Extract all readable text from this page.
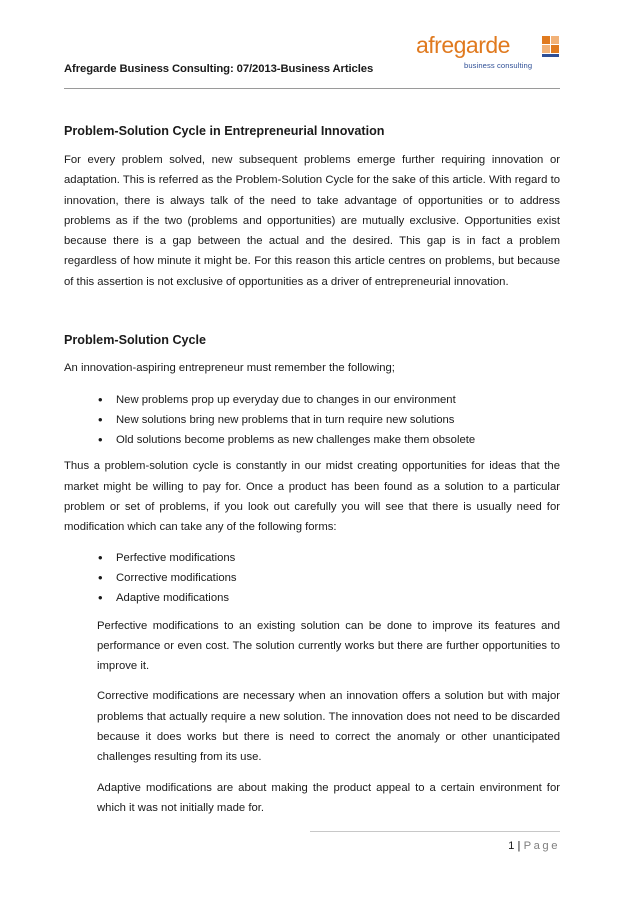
Afregarde Business Consulting: 07/2013-Business Articles
afregarde
business consulting
Problem-Solution Cycle in Entrepreneurial Innovation

For every problem solved, new subsequent problems emerge further requiring innovation or adaptation. This is referred as the Problem-Solution Cycle for the sake of this article. With regard to innovation, there is always talk of the need to take advantage of opportunities or to address problems as if the two (problems and opportunities) are mutually exclusive. Opportunities exist because there is a gap between the actual and the desired. This gap is in fact a problem regardless of how minute it might be. For this reason this article centres on problems, but because of this assertion is not exclusive of opportunities as a driver of entrepreneurial innovation.

Problem-Solution Cycle

An innovation-aspiring entrepreneur must remember the following;

• New problems prop up everyday due to changes in our environment
• New solutions bring new problems that in turn require new solutions
• Old solutions become problems as new challenges make them obsolete

Thus a problem-solution cycle is constantly in our midst creating opportunities for ideas that the market might be willing to pay for. Once a product has been found as a solution to a particular problem or set of problems, if you look out carefully you will see that there is usually need for modification which can take any of the following forms:

• Perfective modifications
• Corrective modifications
• Adaptive modifications

Perfective modifications to an existing solution can be done to improve its features and performance or even cost. The solution currently works but there are further opportunities to improve it.

Corrective modifications are necessary when an innovation offers a solution but with major problems that actually require a new solution. The innovation does not need to be discarded because it does works but there is need to correct the anomaly or other unanticipated challenges resulting from its use.

Adaptive modifications are about making the product appeal to a certain environment for which it was not initially made for.

1 | Page
